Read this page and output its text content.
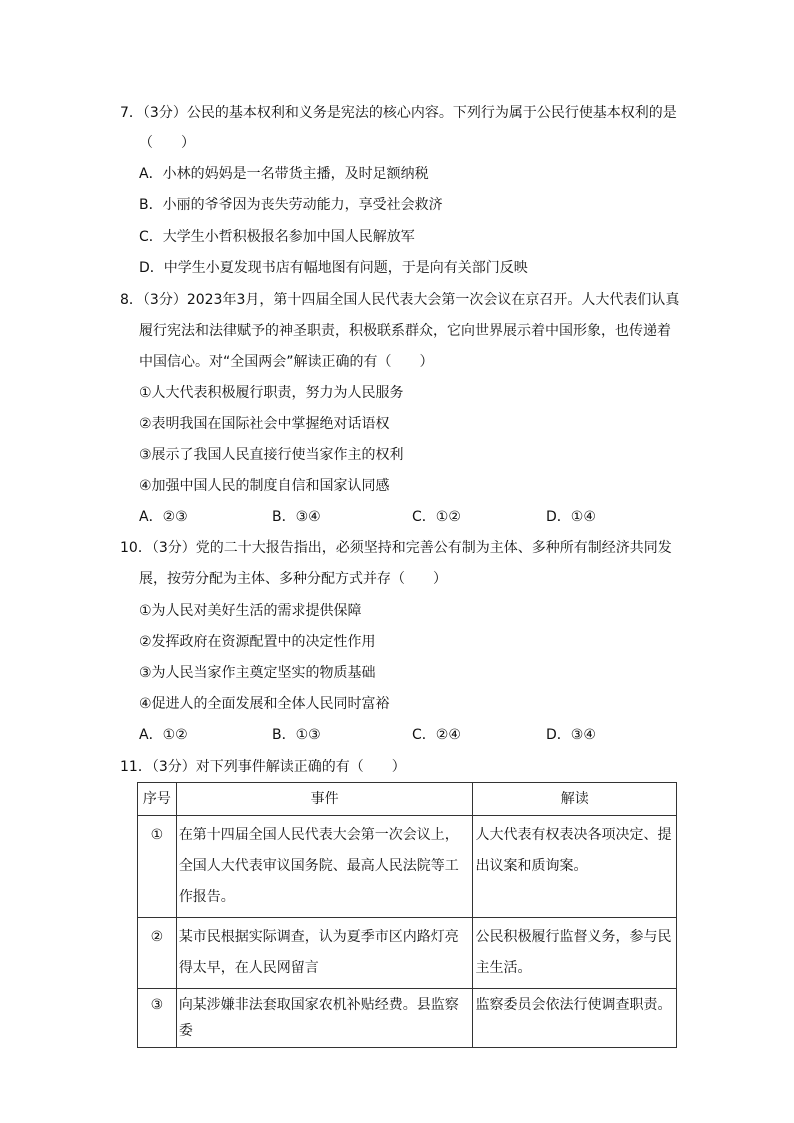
7．（3分）公民的基本权利和义务是宪法的核心内容。下列行为属于公民行使基本权利的是
（　　）
A．小林的妈妈是一名带货主播，及时足额纳税
B．小丽的爷爷因为丧失劳动能力，享受社会救济
C．大学生小哲积极报名参加中国人民解放军
D．中学生小夏发现书店有幅地图有问题，于是向有关部门反映
8．（3分）2023年3月，第十四届全国人民代表大会第一次会议在京召开。人大代表们认真
履行宪法和法律赋予的神圣职责，积极联系群众，它向世界展示着中国形象，也传递着
中国信心。对“全国两会”解读正确的有（　　）
①人大代表积极履行职责，努力为人民服务
②表明我国在国际社会中掌握绝对话语权
③展示了我国人民直接行使当家作主的权利
④加强中国人民的制度自信和国家认同感
A．②③	B．③④	C．①②	D．①④
10．（3分）党的二十大报告指出，必须坚持和完善公有制为主体、多种所有制经济共同发
展，按劳分配为主体、多种分配方式并存（　　）
①为人民对美好生活的需求提供保障
②发挥政府在资源配置中的决定性作用
③为人民当家作主奠定坚实的物质基础
④促进人的全面发展和全体人民同时富裕
A．①②	B．①③	C．②④	D．③④
11．（3分）对下列事件解读正确的有（　　）
序号	事件	解读
①	在第十四届全国人民代表大会第一次会议上，全国人大代表审议国务院、最高人民法院等工作报告。	人大代表有权表决各项决定、提出议案和质询案。
②	某市民根据实际调查，认为夏季市区内路灯亮得太早，在人民网留言	公民积极履行监督义务，参与民主生活。
③	向某涉嫌非法套取国家农机补贴经费。县监察委	监察委员会依法行使调查职责。
